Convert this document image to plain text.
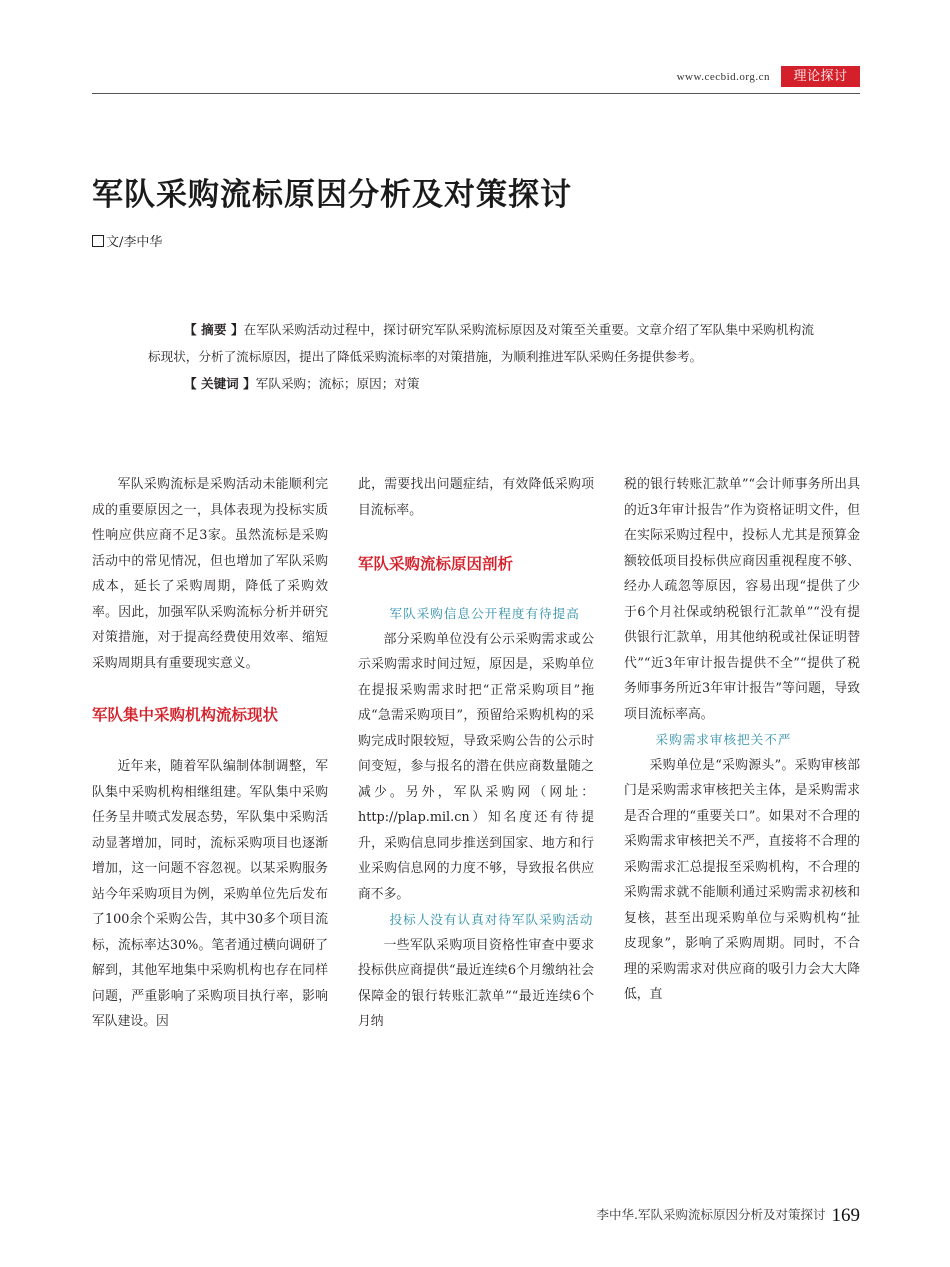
www.cecbid.org.cn	理论探讨
军队采购流标原因分析及对策探讨
文/李中华

【 摘要 】在军队采购活动过程中，探讨研究军队采购流标原因及对策至关重要。文章介绍了军队集中采购机构流标现状，分析了流标原因，提出了降低采购流标率的对策措施，为顺利推进军队采购任务提供参考。

【 关键词 】军队采购；流标；原因；对策

军队采购流标是采购活动未能顺利完成的重要原因之一，具体表现为投标实质性响应供应商不足3家。虽然流标是采购活动中的常见情况，但也增加了军队采购成本，延长了采购周期，降低了采购效率。因此，加强军队采购流标分析并研究对策措施，对于提高经费使用效率、缩短采购周期具有重要现实意义。

军队集中采购机构流标现状

近年来，随着军队编制体制调整，军队集中采购机构相继组建。军队集中采购任务呈井喷式发展态势，军队集中采购活动显著增加，同时，流标采购项目也逐渐增加，这一问题不容忽视。以某采购服务站今年采购项目为例，采购单位先后发布了100余个采购公告，其中30多个项目流标，流标率达30%。笔者通过横向调研了解到，其他军地集中采购机构也存在同样问题，严重影响了采购项目执行率，影响军队建设。因

此，需要找出问题症结，有效降低采购项目流标率。

军队采购流标原因剖析
军队采购信息公开程度有待提高

部分采购单位没有公示采购需求或公示采购需求时间过短，原因是，采购单位在提报采购需求时把“正常采购项目”拖成“急需采购项目”，预留给采购机构的采购完成时限较短，导致采购公告的公示时间变短，参与报名的潜在供应商数量随之减少。另外，军队采购网（网址：http://plap.mil.cn）知名度还有待提升，采购信息同步推送到国家、地方和行业采购信息网的力度不够，导致报名供应商不多。

投标人没有认真对待军队采购活动

一些军队采购项目资格性审查中要求投标供应商提供“最近连续6个月缴纳社会保障金的银行转账汇款单”“最近连续6个月纳

税的银行转账汇款单”“会计师事务所出具的近3年审计报告”作为资格证明文件，但在实际采购过程中，投标人尤其是预算金额较低项目投标供应商因重视程度不够、经办人疏忽等原因，容易出现“提供了少于6个月社保或纳税银行汇款单”“没有提供银行汇款单，用其他纳税或社保证明替代”“近3年审计报告提供不全”“提供了税务师事务所近3年审计报告”等问题，导致项目流标率高。

采购需求审核把关不严

采购单位是“采购源头”。采购审核部门是采购需求审核把关主体，是采购需求是否合理的“重要关口”。如果对不合理的采购需求审核把关不严，直接将不合理的采购需求汇总提报至采购机构，不合理的采购需求就不能顺利通过采购需求初核和复核，甚至出现采购单位与采购机构“扯皮现象”，影响了采购周期。同时，不合理的采购需求对供应商的吸引力会大大降低，直

李中华.军队采购流标原因分析及对策探讨 169
